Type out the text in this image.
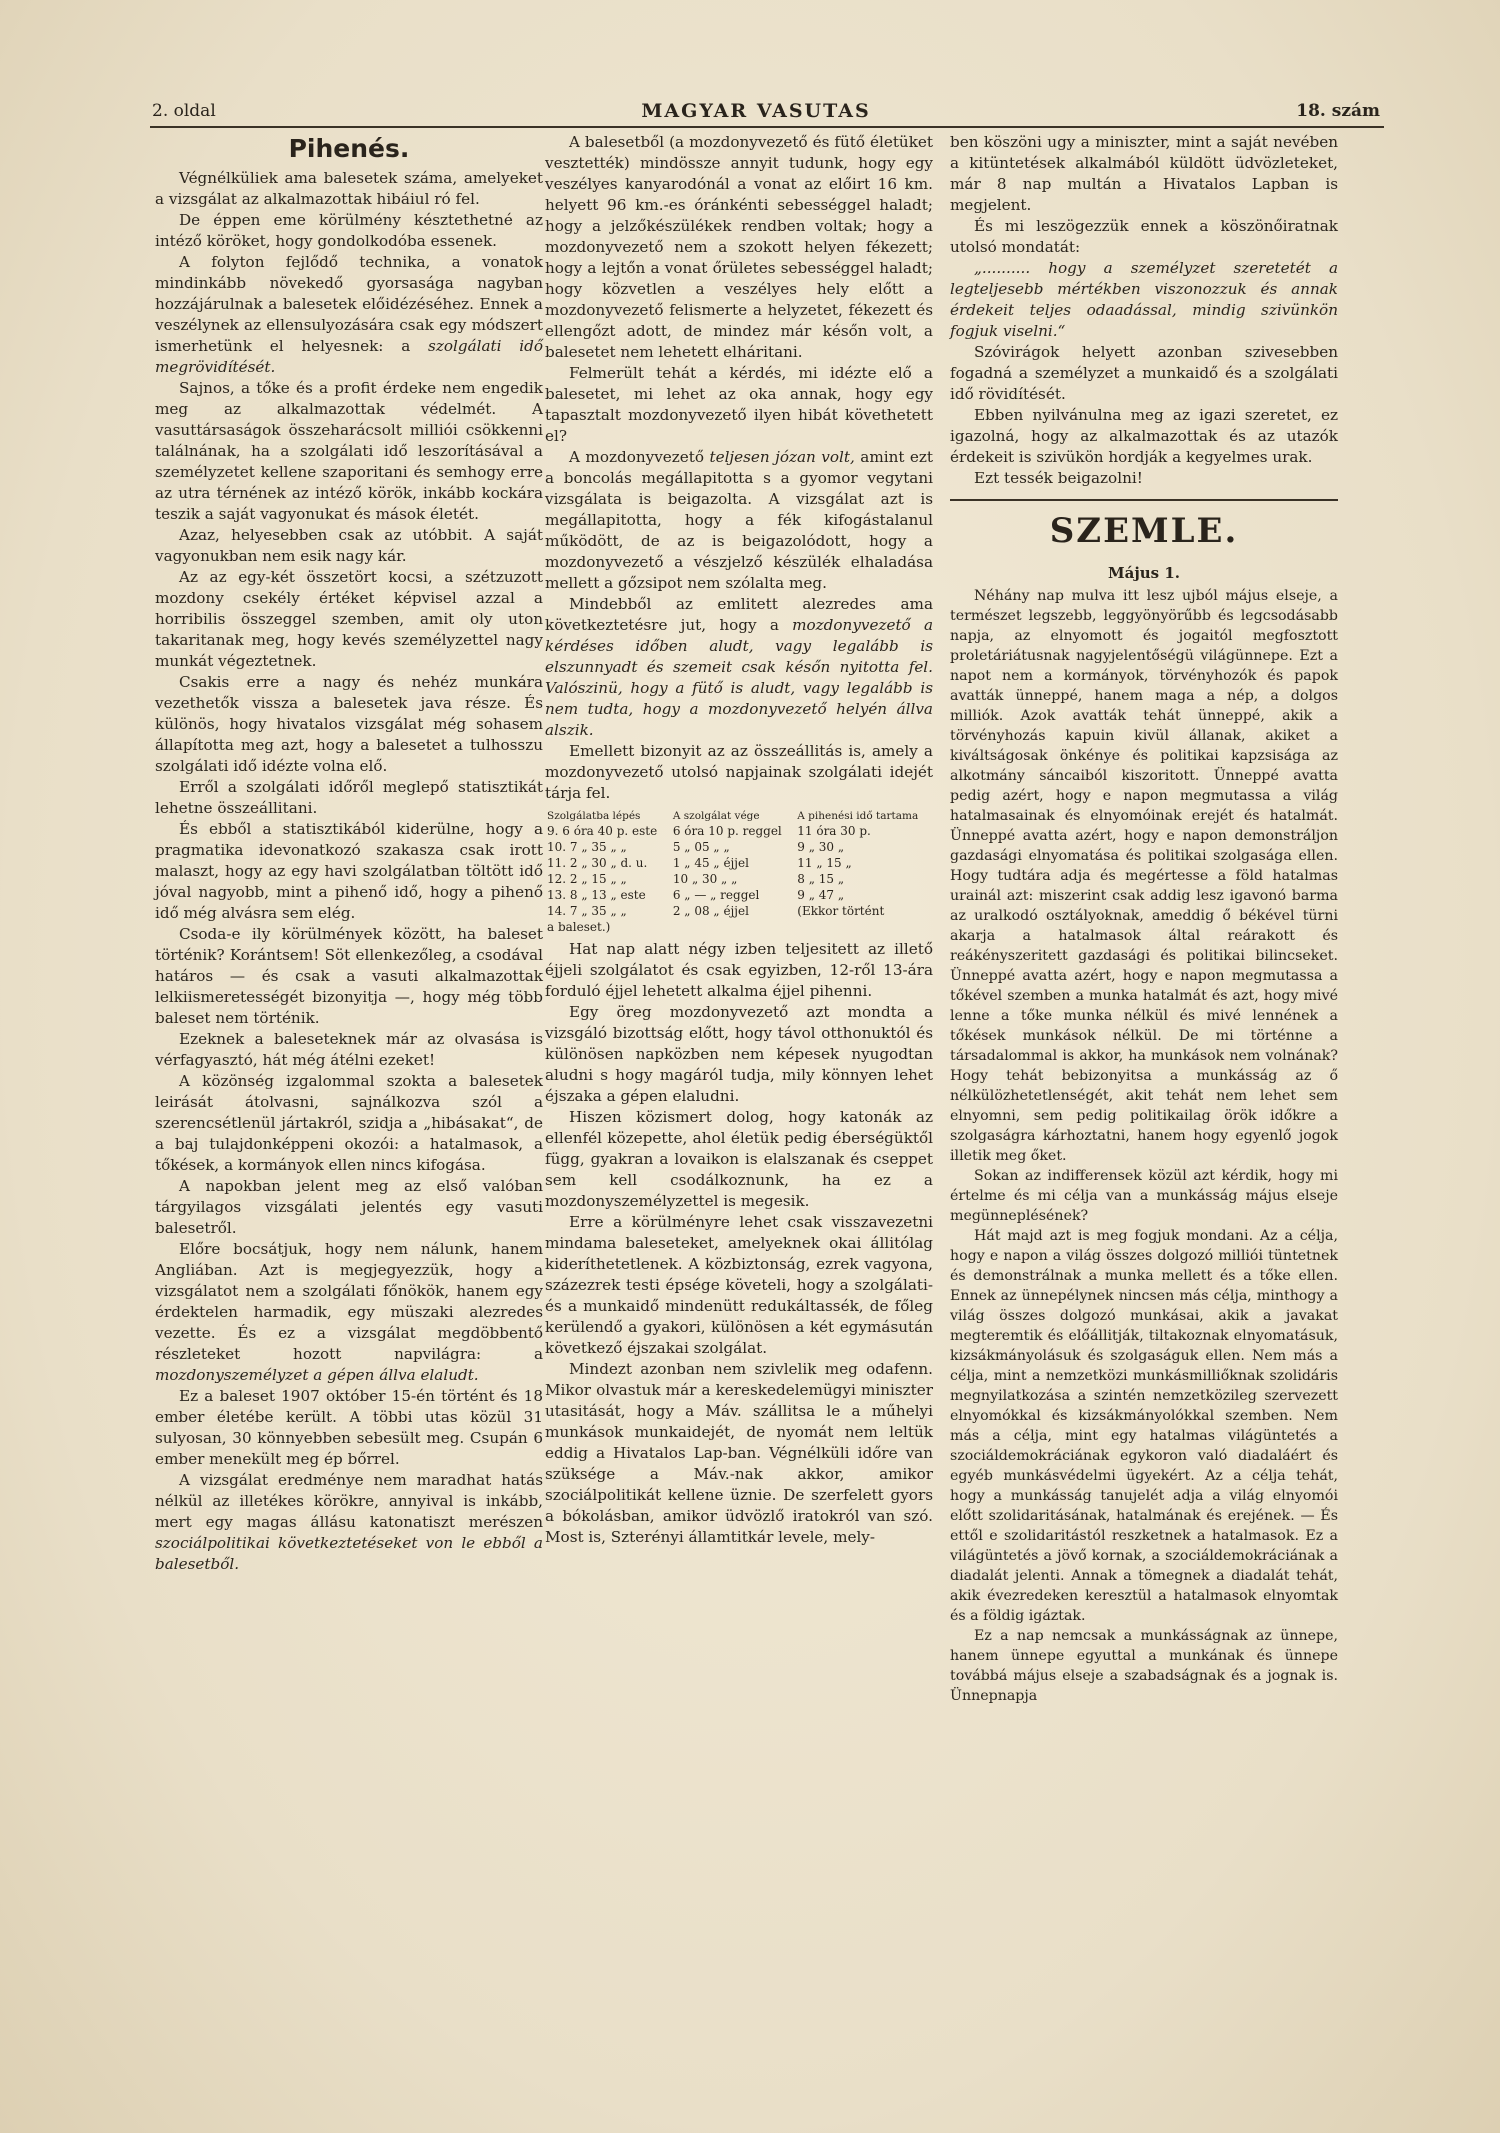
2. oldal	MAGYAR VASUTAS	18. szám
Pihenés.

Végnélküliek ama balesetek száma, amelyeket a vizsgálat az alkalmazottak hibáiul ró fel.

De éppen eme körülmény késztethetné az intéző köröket, hogy gondolkodóba essenek.

A folyton fejlődő technika, a vonatok mindinkább növekedő gyorsasága nagyban hozzájárulnak a balesetek előidézéséhez. Ennek a veszélynek az ellensulyozására csak egy módszert ismerhetünk el helyesnek: a szolgálati idő megrövidítését.

Sajnos, a tőke és a profit érdeke nem engedik meg az alkalmazottak védelmét. A vasuttársaságok összeharácsolt milliói csökkenni találnának, ha a szolgálati idő leszorításával a személyzetet kellene szaporitani és semhogy erre az utra térnének az intéző körök, inkább kockára teszik a saját vagyonukat és mások életét.

Azaz, helyesebben csak az utóbbit. A saját vagyonukban nem esik nagy kár.

Az az egy-két összetört kocsi, a szétzuzott mozdony csekély értéket képvisel azzal a horribilis összeggel szemben, amit oly uton takaritanak meg, hogy kevés személyzettel nagy munkát végeztetnek.

Csakis erre a nagy és nehéz munkára vezethetők vissza a balesetek java része. És különös, hogy hivatalos vizsgálat még sohasem állapította meg azt, hogy a balesetet a tulhosszu szolgálati idő idézte volna elő.

Erről a szolgálati időről meglepő statisztikát lehetne összeállitani.

És ebből a statisztikából kiderülne, hogy a pragmatika idevonatkozó szakasza csak irott malaszt, hogy az egy havi szolgálatban töltött idő jóval nagyobb, mint a pihenő idő, hogy a pihenő idő még alvásra sem elég.

Csoda-e ily körülmények között, ha baleset történik? Korántsem! Söt ellenkezőleg, a csodával határos — és csak a vasuti alkalmazottak lelkiismeretességét bizonyitja —, hogy még több baleset nem történik.

Ezeknek a baleseteknek már az olvasása is vérfagyasztó, hát még átélni ezeket!

A közönség izgalommal szokta a balesetek leirását átolvasni, sajnálkozva szól a szerencsétlenül jártakról, szidja a „hibásakat“, de a baj tulajdonképpeni okozói: a hatalmasok, a tőkések, a kormányok ellen nincs kifogása.

A napokban jelent meg az első valóban tárgyilagos vizsgálati jelentés egy vasuti balesetről.

Előre bocsátjuk, hogy nem nálunk, hanem Angliában. Azt is megjegyezzük, hogy a vizsgálatot nem a szolgálati főnökök, hanem egy érdektelen harmadik, egy müszaki alezredes vezette. És ez a vizsgálat megdöbbentő részleteket hozott napvilágra: a mozdonyszemélyzet a gépen állva elaludt.

Ez a baleset 1907 október 15-én történt és 18 ember életébe került. A többi utas közül 31 sulyosan, 30 könnyebben sebesült meg. Csupán 6 ember menekült meg ép bőrrel.

A vizsgálat eredménye nem maradhat hatás nélkül az illetékes körökre, annyival is inkább, mert egy magas állásu katonatiszt merészen szociálpolitikai következtetéseket von le ebből a balesetből.

A balesetből (a mozdonyvezető és fütő életüket vesztették) mindössze annyit tudunk, hogy egy veszélyes kanyarodónál a vonat az előirt 16 km. helyett 96 km.-es óránkénti sebességgel haladt; hogy a jelzőkészülékek rendben voltak; hogy a mozdonyvezető nem a szokott helyen fékezett; hogy a lejtőn a vonat őrületes sebességgel haladt; hogy közvetlen a veszélyes hely előtt a mozdonyvezető felismerte a helyzetet, fékezett és ellengőzt adott, de mindez már későn volt, a balesetet nem lehetett elháritani.

Felmerült tehát a kérdés, mi idézte elő a balesetet, mi lehet az oka annak, hogy egy tapasztalt mozdonyvezető ilyen hibát követhetett el?

A mozdonyvezető teljesen józan volt, amint ezt a boncolás megállapitotta s a gyomor vegytani vizsgálata is beigazolta. A vizsgálat azt is megállapitotta, hogy a fék kifogástalanul működött, de az is beigazolódott, hogy a mozdonyvezető a vészjelző készülék elhaladása mellett a gőzsipot nem szólalta meg.

Mindebből az emlitett alezredes ama következtetésre jut, hogy a mozdonyvezető a kérdéses időben aludt, vagy legalább is elszunnyadt és szemeit csak későn nyitotta fel. Valószinü, hogy a fütő is aludt, vagy legalább is nem tudta, hogy a mozdonyvezető helyén állva alszik.

Emellett bizonyit az az összeállitás is, amely a mozdonyvezető utolsó napjainak szolgálati idejét tárja fel.

Szolgálatba lépés	A szolgálat vége	A pihenési idő tartama
9. 6 óra 40 p. este	6 óra 10 p. reggel	11 óra 30 p.
10. 7 „ 35 „ „	5 „ 05 „ „	9 „ 30 „
11. 2 „ 30 „ d. u.	1 „ 45 „ éjjel	11 „ 15 „
12. 2 „ 15 „ „	10 „ 30 „ „	8 „ 15 „
13. 8 „ 13 „ este	6 „ — „ reggel	9 „ 47 „
14. 7 „ 35 „ „	2 „ 08 „ éjjel	(Ekkor történt
a baleset.)		

Hat nap alatt négy izben teljesitett az illető éjjeli szolgálatot és csak egyizben, 12-ről 13-ára forduló éjjel lehetett alkalma éjjel pihenni.

Egy öreg mozdonyvezető azt mondta a vizsgáló bizottság előtt, hogy távol otthonuktól és különösen napközben nem képesek nyugodtan aludni s hogy magáról tudja, mily könnyen lehet éjszaka a gépen elaludni.

Hiszen közismert dolog, hogy katonák az ellenfél közepette, ahol életük pedig éberségüktől függ, gyakran a lovaikon is elalszanak és cseppet sem kell csodálkoznunk, ha ez a mozdonyszemélyzettel is megesik.

Erre a körülményre lehet csak visszavezetni mindama baleseteket, amelyeknek okai állitólag kideríthetetlenek. A közbiztonság, ezrek vagyona, százezrek testi épsége követeli, hogy a szolgálati- és a munkaidő mindenütt redukáltassék, de főleg kerülendő a gyakori, különösen a két egymásután következő éjszakai szolgálat.

Mindezt azonban nem szivlelik meg odafenn. Mikor olvastuk már a kereskedelemügyi miniszter utasitását, hogy a Máv. szállitsa le a műhelyi munkások munkaidejét, de nyomát nem leltük eddig a Hivatalos Lap-ban. Végnélküli időre van szüksége a Máv.-nak akkor, amikor szociálpolitikát kellene üznie. De szerfelett gyors a bókolásban, amikor üdvözlő iratokról van szó. Most is, Szterényi államtitkár levele, mely-

ben köszöni ugy a miniszter, mint a saját nevében a kitüntetések alkalmából küldött üdvözleteket, már 8 nap multán a Hivatalos Lapban is megjelent.

És mi leszögezzük ennek a köszönőiratnak utolsó mondatát:

„.......... hogy a személyzet szeretetét a legteljesebb mértékben viszonozzuk és annak érdekeit teljes odaadással, mindig szivünkön fogjuk viselni.“

Szóvirágok helyett azonban szivesebben fogadná a személyzet a munkaidő és a szolgálati idő rövidítését.

Ebben nyilvánulna meg az igazi szeretet, ez igazolná, hogy az alkalmazottak és az utazók érdekeit is szivükön hordják a kegyelmes urak.

Ezt tessék beigazolni!

SZEMLE.
Május 1.

Néhány nap mulva itt lesz ujból május elseje, a természet legszebb, leggyönyörűbb és legcsodásabb napja, az elnyomott és jogaitól megfosztott proletáriátusnak nagyjelentőségü világünnepe. Ezt a napot nem a kormányok, törvényhozók és papok avatták ünneppé, hanem maga a nép, a dolgos milliók. Azok avatták tehát ünneppé, akik a törvényhozás kapuin kivül állanak, akiket a kiváltságosak önkénye és politikai kapzsisága az alkotmány sáncaiból kiszoritott. Ünneppé avatta pedig azért, hogy e napon megmutassa a világ hatalmasainak és elnyomóinak erejét és hatalmát. Ünneppé avatta azért, hogy e napon demonstráljon gazdasági elnyomatása és politikai szolgasága ellen. Hogy tudtára adja és megértesse a föld hatalmas urainál azt: miszerint csak addig lesz igavonó barma az uralkodó osztályoknak, ameddig ő békével türni akarja a hatalmasok által reárakott és reákényszeritett gazdasági és politikai bilincseket. Ünneppé avatta azért, hogy e napon megmutassa a tőkével szemben a munka hatalmát és azt, hogy mivé lenne a tőke munka nélkül és mivé lennének a tőkések munkások nélkül. De mi történne a társadalommal is akkor, ha munkások nem volnának? Hogy tehát bebizonyitsa a munkásság az ő nélkülözhetetlenségét, akit tehát nem lehet sem elnyomni, sem pedig politikailag örök időkre a szolgaságra kárhoztatni, hanem hogy egyenlő jogok illetik meg őket.

Sokan az indifferensek közül azt kérdik, hogy mi értelme és mi célja van a munkásság május elseje megünneplésének?

Hát majd azt is meg fogjuk mondani. Az a célja, hogy e napon a világ összes dolgozó milliói tüntetnek és demonstrálnak a munka mellett és a tőke ellen. Ennek az ünnepélynek nincsen más célja, minthogy a világ összes dolgozó munkásai, akik a javakat megteremtik és előállitják, tiltakoznak elnyomatásuk, kizsákmányolásuk és szolgaságuk ellen. Nem más a célja, mint a nemzetközi munkásmilliőknak szolidáris megnyilatkozása a szintén nemzetközileg szervezett elnyomókkal és kizsákmányolókkal szemben. Nem más a célja, mint egy hatalmas világüntetés a szociáldemokráciának egykoron való diadaláért és egyéb munkásvédelmi ügyekért. Az a célja tehát, hogy a munkásság tanujelét adja a világ elnyomói előtt szolidaritásának, hatalmának és erejének. — És ettől e szolidaritástól reszketnek a hatalmasok. Ez a világüntetés a jövő kornak, a szociáldemokráciának a diadalát jelenti. Annak a tömegnek a diadalát tehát, akik évezredeken keresztül a hatalmasok elnyomtak és a földig igáztak.

Ez a nap nemcsak a munkásságnak az ünnepe, hanem ünnepe egyuttal a munkának és ünnepe továbbá május elseje a szabadságnak és a jognak is. Ünnepnapja
